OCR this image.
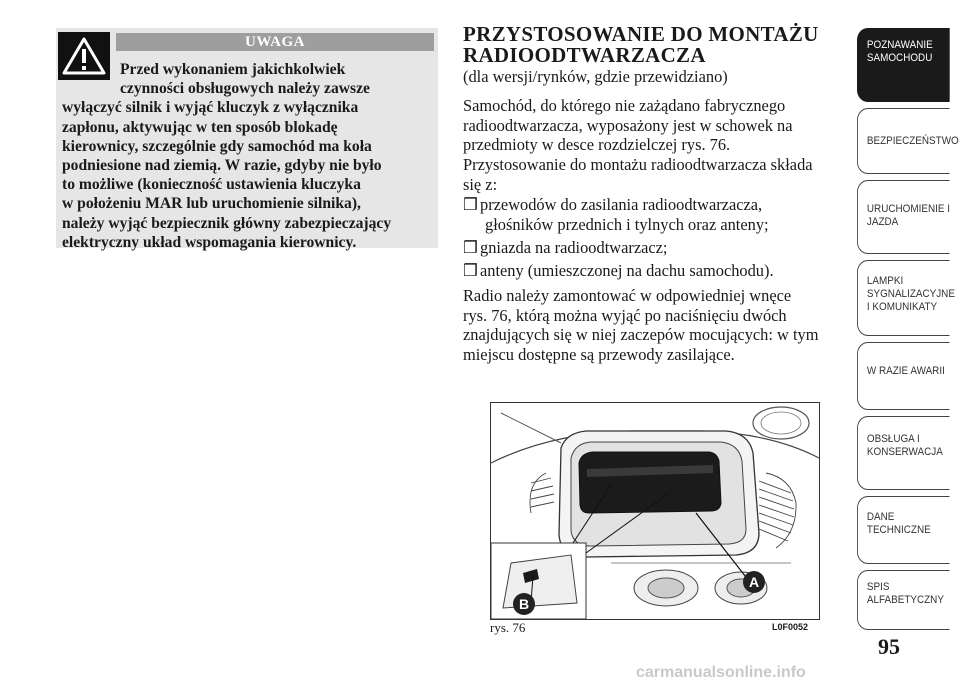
UWAGA
Przed wykonaniem jakichkolwiek
czynności obsługowych należy zawsze
wyłączyć silnik i wyjąć kluczyk z wyłącznika
zapłonu, aktywując w ten sposób blokadę
kierownicy, szczególnie gdy samochód ma koła
podniesione nad ziemią. W razie, gdyby nie było
to możliwe (konieczność ustawienia kluczyka
w położeniu MAR lub uruchomienie silnika),
należy wyjąć bezpiecznik główny zabezpieczający
elektryczny układ wspomagania kierownicy.
PRZYSTOSOWANIE DO MONTAŻU
RADIOODTWARZACZA
(dla wersji/rynków, gdzie przewidziano)
Samochód, do którego nie zażądano fabrycznego
radioodtwarzacza, wyposażony jest w schowek na
przedmioty w desce rozdzielczej rys. 76.
Przystosowanie do montażu radioodtwarzacza składa
się z:
❒ przewodów do zasilania radioodtwarzacza,
głośników przednich i tylnych oraz anteny;
❒ gniazda na radioodtwarzacz;
❒ anteny (umieszczonej na dachu samochodu).
Radio należy zamontować w odpowiedniej wnęce
rys. 76, którą można wyjąć po naciśnięciu dwóch
znajdujących się w niej zaczepów mocujących: w tym
miejscu dostępne są przewody zasilające.
A
B
rys. 76	L0F0052
POZNAWANIE
SAMOCHODU
BEZPIECZEŃSTWO
URUCHOMIENIE I
JAZDA
LAMPKI
SYGNALIZACYJNE
I KOMUNIKATY
W RAZIE AWARII
OBSŁUGA I
KONSERWACJA
DANE
TECHNICZNE
SPIS
ALFABETYCZNY
95
carmanualsonline.info
